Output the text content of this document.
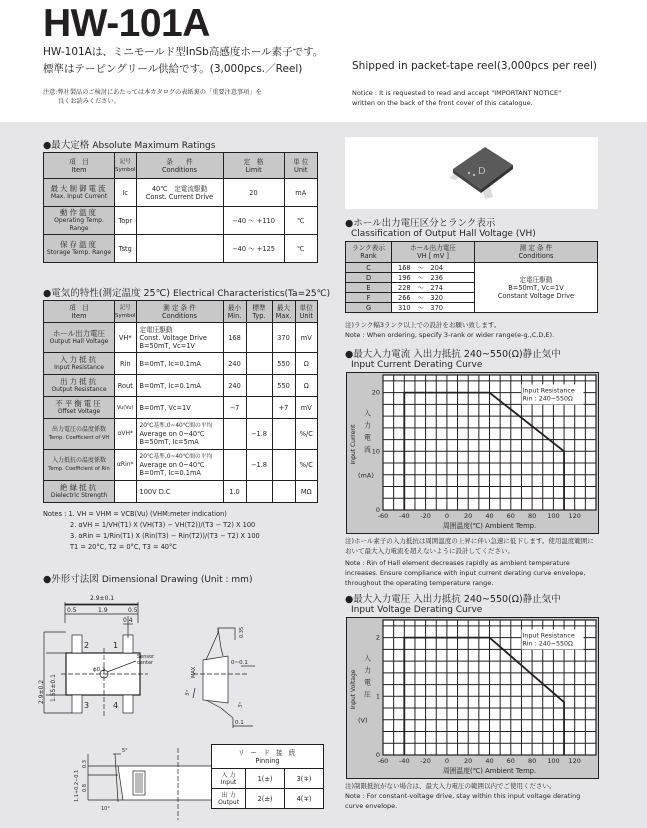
HW-101A
HW-101Aは、ミニモールド型InSb高感度ホール素子です。
標準はテーピングリール供給です。(3,000pcs.／Reel)	Shipped in packet-tape reel(3,000pcs per reel)
注意:弊社製品のご検討にあたっては本カタログの表紙裏の「重要注意事項」を
良くお読みください。
Notice : It is requested to read and accept "IMPORTANT NOTICE"
written on the back of the front cover of this catalogue.
●最大定格 Absolute Maximum Ratings
項　目
Item

記号
Symbol

条　　件
Conditions

定　格
Limit

単 位
Unit

最大制御電流
Max. Input Current	Ic	40℃　定電流駆動
Const. Current Drive	20	mA

動作温度
Operating Temp. Range
	Topr		−40 ～ +110	℃

保存温度
Storage Temp. Range	Tstg		−40 ～ +125	℃
●電気的特性(測定温度 25℃) Electrical Characteristics(Ta=25℃)
項　目
Item

記号
Symbol

測 定 条 件
Conditions

最小
Min.

標準
Typ.

最大
Max.

単位
Unit

ホール出力電圧
Output Hall Voltage	VH*	
定電圧駆動
Const. Voltage Drive
B=50mT, Vc=1V
	168		370	mV

入力抵抗
Input Resistance	Rin	B=0mT, Ic=0.1mA	240		550	Ω

出力抵抗
Output Resistance	Rout	B=0mT, Ic=0.1mA	240		550	Ω

不平衡電圧
Offset Voltage	Vu(Vu)	B=0mT, Vc=1V	−7		+7	mV

出力電圧の温度係数
Temp. Coefficient of VH
	αVH*	
20℃基準,0~40℃間の平均
Average on 0~40℃
B=50mT, Ic=5mA
		−1.8		%/C

入力抵抗の温度係数
Temp. Coefficient of Rin
	αRin*	
20℃基準,0~40℃間の平均
Average on 0~40℃
B=0mT, Ic=0.1mA
		−1.8		%/C

絶縁抵抗
Dielectric Strength		100V D.C	1.0			MΩ
Notes : 1. VH = VHM = VCB(Vu) (VHM:meter indication)
2. αVH = 1/VH(T1) X (VH(T3) − VH(T2))/(T3 − T2) X 100
3. αRin = 1/Rin(T1) X (Rin(T3) − Rin(T2))/(T3 − T2) X 100
T1 = 20°C, T2 = 0°C, T3 = 40°C
●外形寸法図 Dimensional Drawing (Unit : mm)
2.9±0.1
0.5	1.9	0.5
0.4
2.9±0.2 1.55±0.1
ϕ0.3
Sensor
center
1
2
3	4
0.35
0~0.1
0.1
MAX
5°
5°
0.3
0.8
1.1+0.2−0.1
10°
5°	リ ー ド 接 続
Pinning

入 力
Input	1(±)	3(∓)

出 力
Output	2(±)	4(∓)
D
●ホール出力電圧区分とランク表示
Classification of Output Hall Voltage (VH)
ランク表示
Rank

ホール出力電圧
VH [ mV ]

測 定 条 件
Conditions

C	168　 ～　 204	
定電圧駆動
B=50mT, Vc=1V
Constant Voltage Drive

D	196　 ～　 236
E	228　 ～　 274
F	266　 ～　 320
G	310　 ～　 370
注)ランク幅3ランク以上での設計をお願い致します。
Note : When ordering, specify 3-rank or wider range(e-g.,C,D,E).
●最大入力電流 入出力抵抗 240~550(Ω)静止気中
Input Current Derating Curve
Input Resistance
Rin : 240~550Ω
-60 -40 -20 0 20 40 60 80 100 120
0
10
20
周囲温度(℃) Ambient Temp.
Input Current
入
力
電
流
(mA)
注)ホール素子の入力抵抗は周囲温度の上昇に伴い急速に低下します。使用温度範囲において最大入力電流を超えないように設計してください。
Note : Rin of Hall element decreases rapidly as ambient temperature increases. Ensure compliance with input current derating curve envelope, throughout the operating temperature range.
●最大入力電圧 入出力抵抗 240~550(Ω)静止気中
Input Voltage Derating Curve
Input Resistance
Rin : 240~550Ω
-60 -40 -20 0 20 40 60 80 100 120
0
1
2
周囲温度(℃) Ambient Temp.
Input Voltage
入
力
電
圧
(V)
注)制限抵抗がない場合は、最大入力電圧の範囲以内でご使用ください。
Note : For constant-voltage drive, stay within this input voltage derating curve envelope.
